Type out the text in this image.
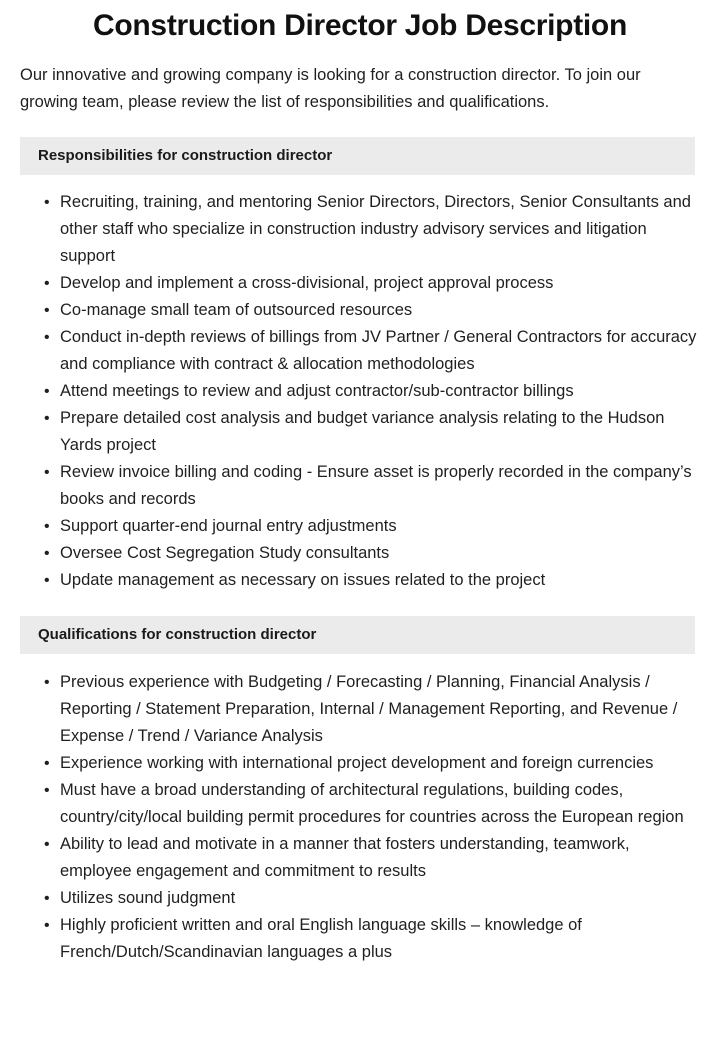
Construction Director Job Description

Our innovative and growing company is looking for a construction director. To join our growing team, please review the list of responsibilities and qualifications.

Responsibilities for construction director
• Recruiting, training, and mentoring Senior Directors, Directors, Senior Consultants and other staff who specialize in construction industry advisory services and litigation support
• Develop and implement a cross-divisional, project approval process
• Co-manage small team of outsourced resources
• Conduct in-depth reviews of billings from JV Partner / General Contractors for accuracy and compliance with contract & allocation methodologies
• Attend meetings to review and adjust contractor/sub-contractor billings
• Prepare detailed cost analysis and budget variance analysis relating to the Hudson Yards project
• Review invoice billing and coding - Ensure asset is properly recorded in the company’s books and records
• Support quarter-end journal entry adjustments
• Oversee Cost Segregation Study consultants
• Update management as necessary on issues related to the project
Qualifications for construction director
• Previous experience with Budgeting / Forecasting / Planning, Financial Analysis / Reporting / Statement Preparation, Internal / Management Reporting, and Revenue / Expense / Trend / Variance Analysis
• Experience working with international project development and foreign currencies
• Must have a broad understanding of architectural regulations, building codes, country/city/local building permit procedures for countries across the European region
• Ability to lead and motivate in a manner that fosters understanding, teamwork, employee engagement and commitment to results
• Utilizes sound judgment
• Highly proficient written and oral English language skills – knowledge of French/Dutch/Scandinavian languages a plus
